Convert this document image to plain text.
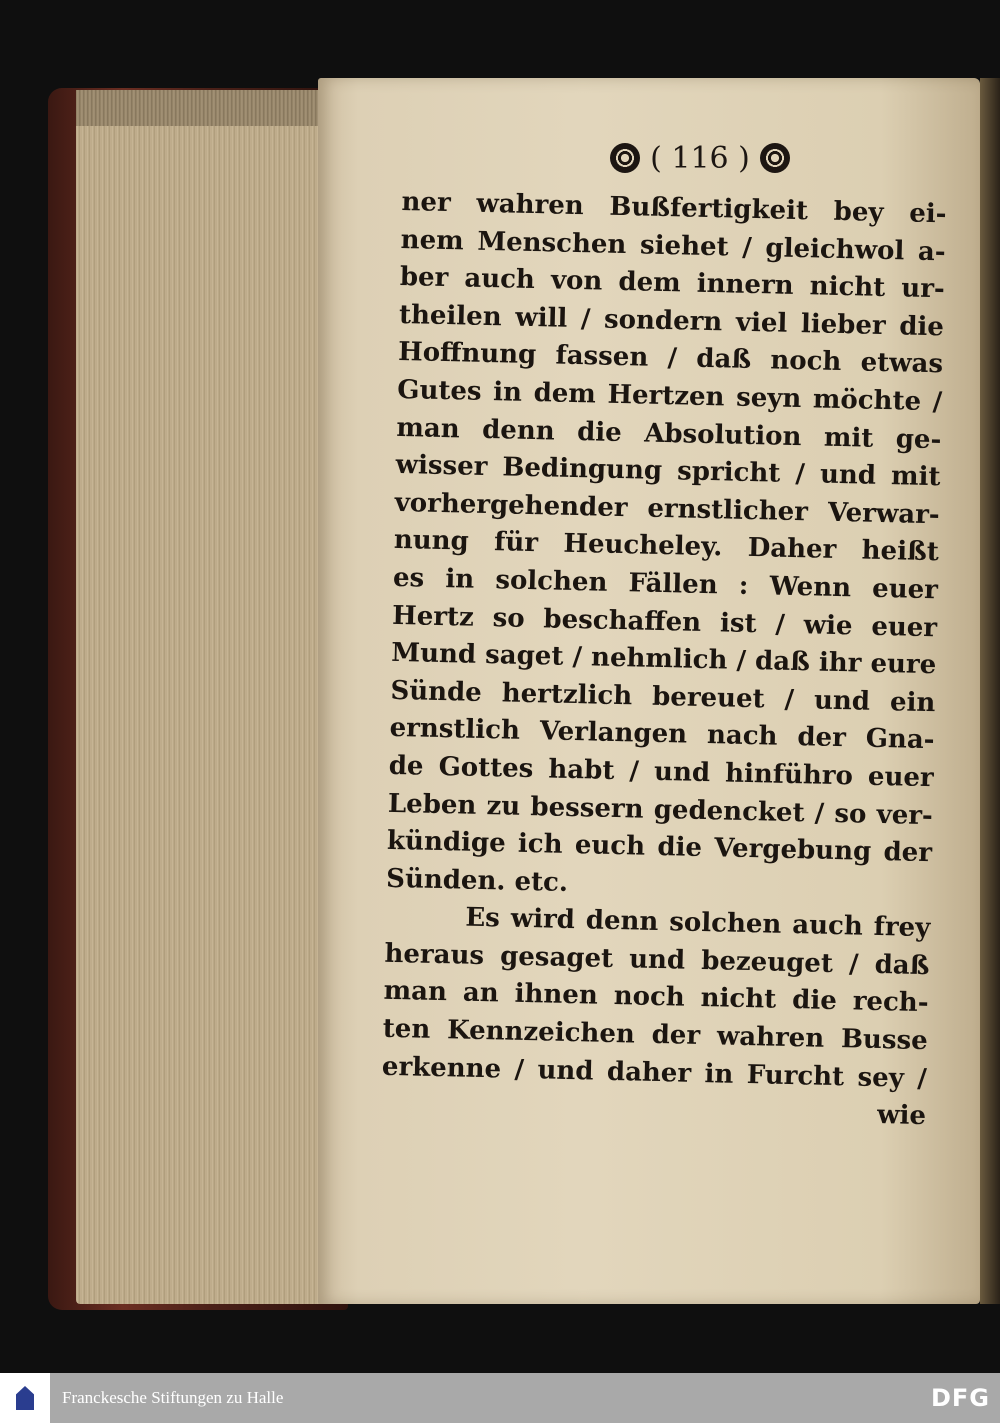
( 116 )
ner wahren Bußfertigkeit bey ei-
nem Menschen siehet / gleichwol a-
ber auch von dem innern nicht ur-
theilen will / sondern viel lieber die
Hoffnung fassen / daß noch etwas
Gutes in dem Hertzen seyn möchte /
man denn die Absolution mit ge-
wisser Bedingung spricht / und mit
vorhergehender ernstlicher Verwar-
nung für Heucheley. Daher heißt
es in solchen Fällen : Wenn euer
Hertz so beschaffen ist / wie euer
Mund saget / nehmlich / daß ihr eure
Sünde hertzlich bereuet / und ein
ernstlich Verlangen nach der Gna-
de Gottes habt / und hinführo euer
Leben zu bessern gedencket / so ver-
kündige ich euch die Vergebung der
Sünden. etc.
Es wird denn solchen auch frey
heraus gesaget und bezeuget / daß
man an ihnen noch nicht die rech-
ten Kennzeichen der wahren Busse
erkenne / und daher in Furcht sey /
wie
Franckesche Stiftungen zu Halle	DFG
